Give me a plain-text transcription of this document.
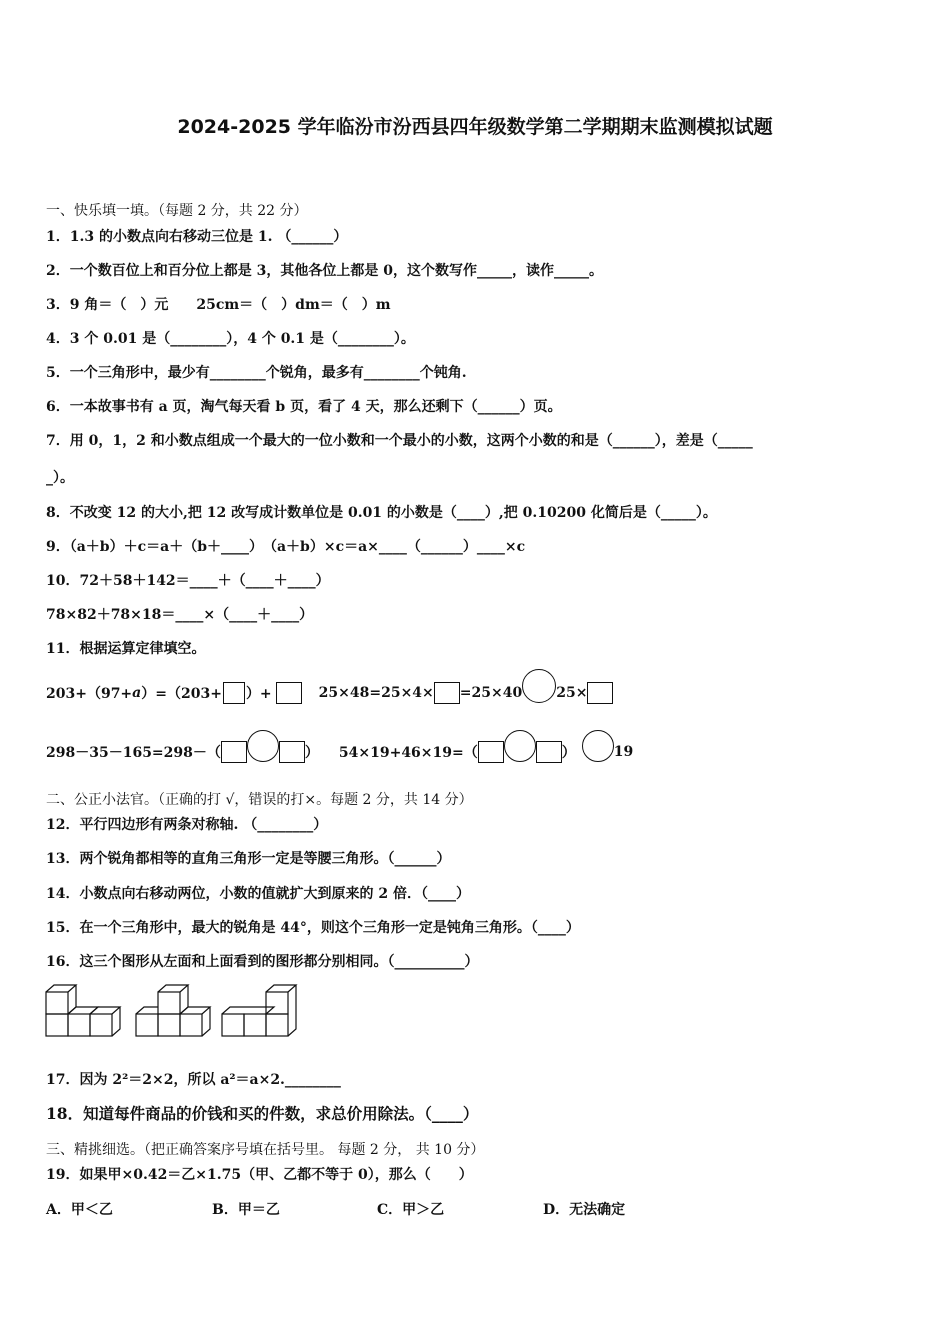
2024-2025 学年临汾市汾西县四年级数学第二学期期末监测模拟试题
一、快乐填一填。（每题 2 分，共 22 分）
1．1.3 的小数点向右移动三位是 1. （______）
2．一个数百位上和百分位上都是 3，其他各位上都是 0，这个数写作_____，读作_____。
3．9 角＝（　）元　　25cm＝（　）dm＝（　）m
4．3 个 0.01 是（________），4 个 0.1 是（________）。
5．一个三角形中，最少有________个锐角，最多有________个钝角.
6．一本故事书有 a 页，淘气每天看 b 页，看了 4 天，那么还剩下（______）页。
7．用 0，1，2 和小数点组成一个最大的一位小数和一个最小的小数，这两个小数的和是（______），差是（_____
_）。
8．不改变 12 的大小,把 12 改写成计数单位是 0.01 的小数是（____）,把 0.10200 化简后是（_____）。
9．（a＋b）＋c＝a＋（b＋____）　（a＋b）×c＝a×____（______）____×c
10．72＋58＋142＝____＋（____＋____）
78×82＋78×18＝____×（____＋____）
11．根据运算定律填空。
203+（97+ a ）=（203+ ）+	25×48=25×4× =25×40 25×
298－35－165=298－（	） 54×19+46×19=（	）	19
二、公正小法官。（正确的打 √，错误的打×。每题 2 分，共 14 分）
12．平行四边形有两条对称轴. （________）
13．两个锐角都相等的直角三角形一定是等腰三角形。（______）
14．小数点向右移动两位，小数的值就扩大到原来的 2 倍．（____）
15．在一个三角形中，最大的锐角是 44°，则这个三角形一定是钝角三角形。（____）
16．这三个图形从左面和上面看到的图形都分别相同。（__________）
17．因为 2²＝2×2，所以 a²＝a×2.________
18．知道每件商品的价钱和买的件数，求总价用除法。（____）
三、精挑细选。（把正确答案序号填在括号里。 每题 2 分， 共 10 分）
19．如果甲×0.42＝乙×1.75（甲、乙都不等于 0），那么（　　）
A．甲＜乙	B．甲＝乙	C．甲＞乙	D．无法确定
